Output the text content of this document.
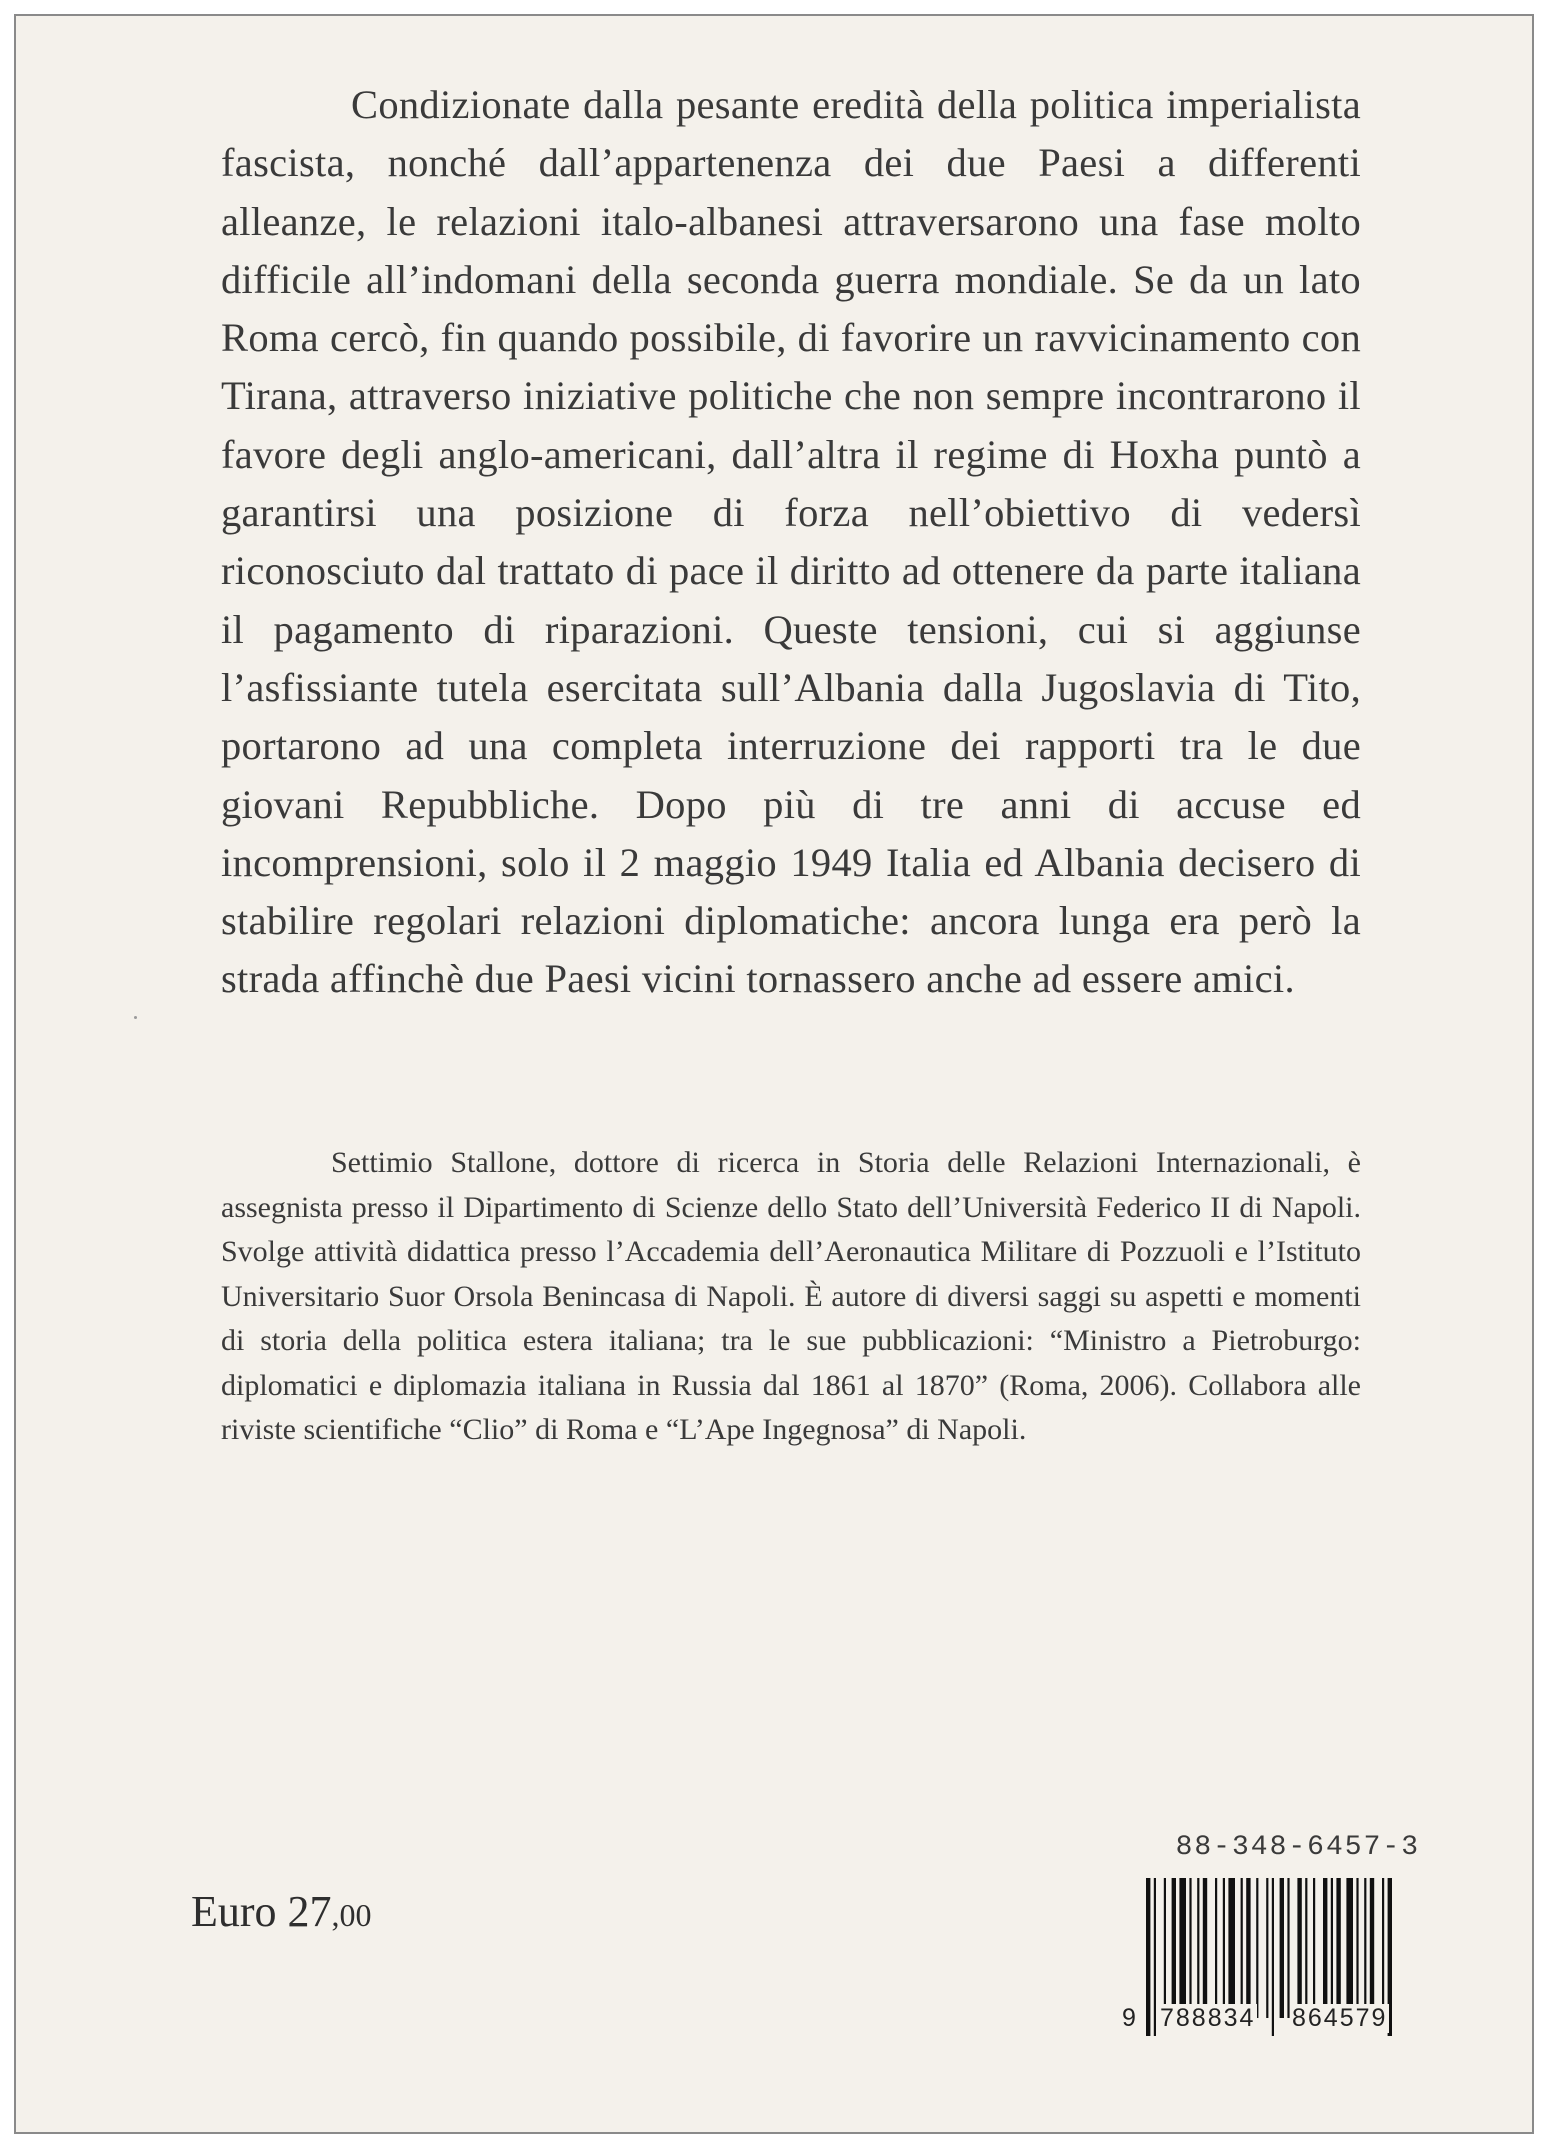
Condizionate dalla pesante eredità della politica imperialista fascista, nonché dall’appartenenza dei due Paesi a differenti alleanze, le relazioni italo-albanesi attraversarono una fase molto difficile all’indomani della seconda guerra mondiale. Se da un lato Roma cercò, fin quando possibile, di favorire un ravvicinamento con Tirana, attraverso iniziative politiche che non sempre incontrarono il favore degli anglo-americani, dall’altra il regime di Hoxha puntò a garantirsi una posizione di forza nell’obiettivo di vedersì riconosciuto dal trattato di pace il diritto ad ottenere da parte italiana il pagamento di riparazioni. Queste tensioni, cui si aggiunse l’asfissiante tutela esercitata sull’Albania dalla Jugoslavia di Tito, portarono ad una completa interruzione dei rapporti tra le due giovani Repubbliche. Dopo più di tre anni di accuse ed incomprensioni, solo il 2 maggio 1949 Italia ed Albania decisero di stabilire regolari relazioni diplomatiche: ancora lunga era però la strada affinchè due Paesi vicini tornassero anche ad essere amici.

Settimio Stallone, dottore di ricerca in Storia delle Relazioni Internazionali, è assegnista presso il Dipartimento di Scienze dello Stato dell’Università Federico II di Napoli. Svolge attività didattica presso l’Accademia dell’Aeronautica Militare di Pozzuoli e l’Istituto Universitario Suor Orsola Benincasa di Napoli. È autore di diversi saggi su aspetti e momenti di storia della politica estera italiana; tra le sue pubblicazioni: “Ministro a Pietroburgo: diplomatici e diplomazia italiana in Russia dal 1861 al 1870” (Roma, 2006). Collabora alle riviste scientifiche “Clio” di Roma e “L’Ape Ingegnosa” di Napoli.

88-348-6457-3
9 788834 864579
Euro 27,00
